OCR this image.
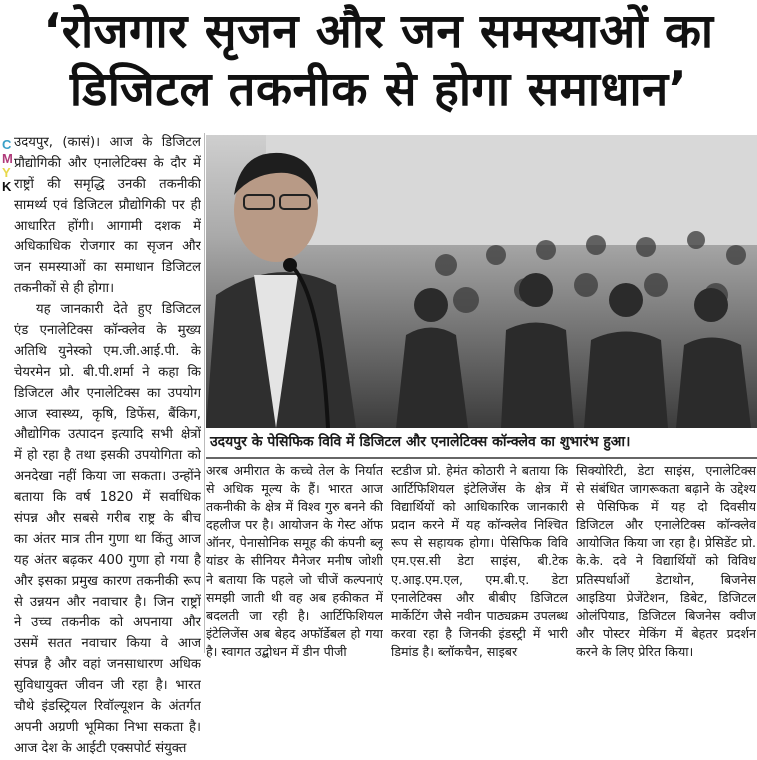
‘रोजगार सृजन और जन समस्याओं का
डिजिटल तकनीक से होगा समाधान’
C
M
Y
K
उदयपुर, (कासं)। आज के डिजिटल
प्रौद्योगिकी और एनालेटिक्स के दौर में
राष्ट्रों की समृद्धि उनकी तकनीकी
सामर्थ्य एवं डिजिटल प्रौद्योगिकी पर ही
आधारित होंगी। आगामी दशक में
अधिकाधिक रोजगार का सृजन और
जन समस्याओं का समाधान डिजिटल
तकनीकों से ही होगा।
यह जानकारी देते हुए डिजिटल
एंड एनालेटिक्स कॉन्क्लेव के मुख्य
अतिथि युनेस्को एम.जी.आई.पी. के
चेयरमेन प्रो. बी.पी.शर्मा ने कहा कि
डिजिटल और एनालेटिक्स का उपयोग
आज स्वास्थ्य, कृषि, डिफेंस, बैंकिग,
औद्योगिक उत्पादन इत्यादि सभी क्षेत्रों
में हो रहा है तथा इसकी उपयोगिता को
अनदेखा नहीं किया जा सकता। उन्होंने
बताया कि वर्ष 1820 में सर्वाधिक
संपन्न और सबसे गरीब राष्ट्र के बीच
का अंतर मात्र तीन गुणा था किंतु आज
यह अंतर बढ़कर 400 गुणा हो गया है
और इसका प्रमुख कारण तकनीकी रूप
से उन्नयन और नवाचार है। जिन राष्ट्रों
ने उच्च तकनीक को अपनाया और
उसमें सतत नवाचार किया वे आज
संपन्न है और वहां जनसाधारण अधिक
सुविधायुक्त जीवन जी रहा है। भारत
चौथे इंडस्ट्रियल रिवॉल्यूशन के अंतर्गत
अपनी अग्रणी भूमिका निभा सकता है।
आज देश के आईटी एक्सपोर्ट संयुक्त
उदयपुर के पेसिफिक विवि में डिजिटल और एनालेटिक्स कॉन्क्लेव का शुभारंभ हुआ।
अरब अमीरात के कच्चे तेल के निर्यात
से अधिक मूल्य के हैं। भारत आज
तकनीकी के क्षेत्र में विश्व गुरु बनने की
दहलीज पर है। आयोजन के गेस्ट ऑफ
ऑनर, पेनासोनिक समूह की कंपनी ब्लू
यांडर के सीनियर मैनेजर मनीष जोशी
ने बताया कि पहले जो चीजें कल्पनाएं
समझी जाती थी वह अब हकीकत में
बदलती जा रही है। आर्टिफिशियल
इंटेलिजेंस अब बेहद अफॉर्डेबल हो गया
है। स्वागत उद्बोधन में डीन पीजी
स्टडीज प्रो. हेमंत कोठारी ने बताया कि
आर्टिफिशियल इंटेलिजेंस के क्षेत्र में
विद्यार्थियों को आधिकारिक जानकारी
प्रदान करने में यह कॉन्क्लेव निश्चित
रूप से सहायक होगा। पेसिफिक विवि
एम.एस.सी डेटा साइंस, बी.टेक
ए.आइ.एम.एल, एम.बी.ए. डेटा
एनालेटिक्स और बीबीए डिजिटल
मार्केटिंग जैसे नवीन पाठ्यक्रम उपलब्ध
करवा रहा है जिनकी इंडस्ट्री में भारी
डिमांड है। ब्लॉकचैन, साइबर
सिक्योरिटी, डेटा साइंस, एनालेटिक्स
से संबंधित जागरूकता बढ़ाने के उद्देश्य
से पेसिफिक में यह दो दिवसीय
डिजिटल और एनालेटिक्स कॉन्क्लेव
आयोजित किया जा रहा है। प्रेसिडेंट प्रो.
के.के. दवे ने विद्यार्थियों को विविध
प्रतिस्पर्धाओं डेटाथोन, बिजनेस
आइडिया प्रेजेंटेशन, डिबेट, डिजिटल
ओलंपियाड, डिजिटल बिजनेस क्वीज
और पोस्टर मेकिंग में बेहतर प्रदर्शन
करने के लिए प्रेरित किया।
